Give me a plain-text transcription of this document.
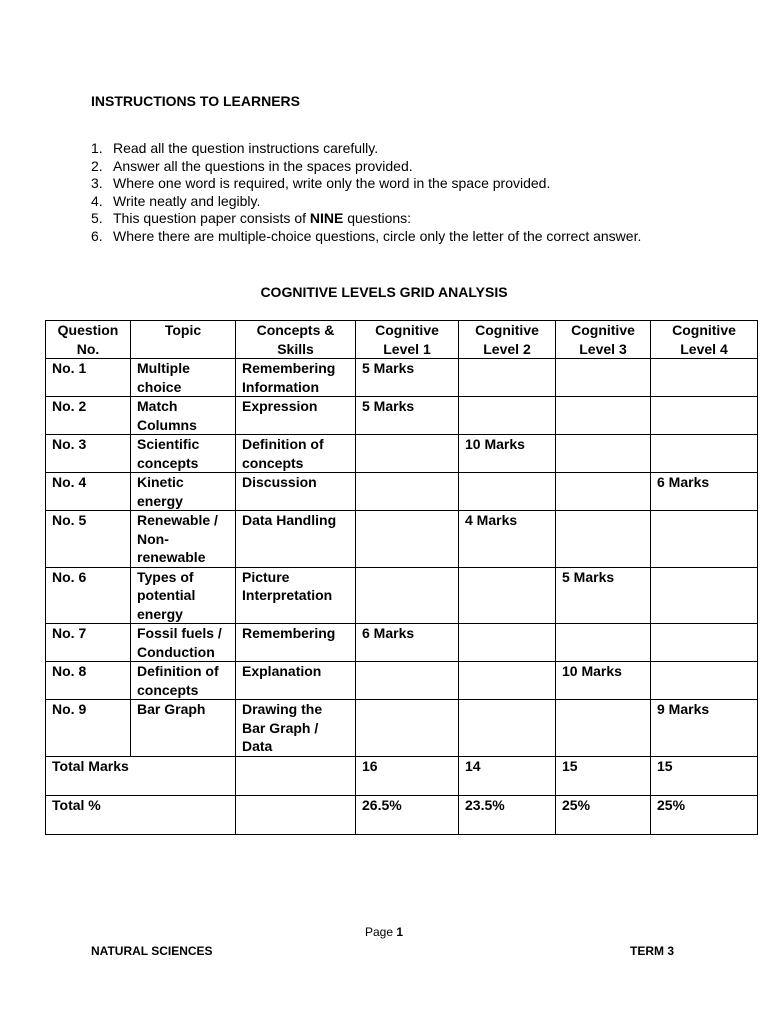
INSTRUCTIONS TO LEARNERS
1. Read all the question instructions carefully.
2. Answer all the questions in the spaces provided.
3. Where one word is required, write only the word in the space provided.
4. Write neatly and legibly.
5. This question paper consists of NINE questions:
6. Where there are multiple-choice questions, circle only the letter of the correct answer.
COGNITIVE LEVELS GRID ANALYSIS
Question No.	Topic	Concepts & Skills	Cognitive Level 1	Cognitive Level 2	Cognitive Level 3	Cognitive Level 4
No. 1	Multiple choice	Remembering Information	5 Marks			
No. 2	Match Columns	Expression	5 Marks			
No. 3	Scientific concepts	Definition of concepts		10 Marks		
No. 4	Kinetic energy	Discussion				6 Marks
No. 5	Renewable / Non-renewable	Data Handling		4 Marks		
No. 6	Types of potential energy	Picture Interpretation			5 Marks	
No. 7	Fossil fuels / Conduction	Remembering	6 Marks			
No. 8	Definition of concepts	Explanation			10 Marks	
No. 9	Bar Graph	Drawing the Bar Graph / Data				9 Marks
Total Marks			16	14	15	15
Total %			26.5%	23.5%	25%	25%
Page 1
NATURAL SCIENCES	TERM 3
